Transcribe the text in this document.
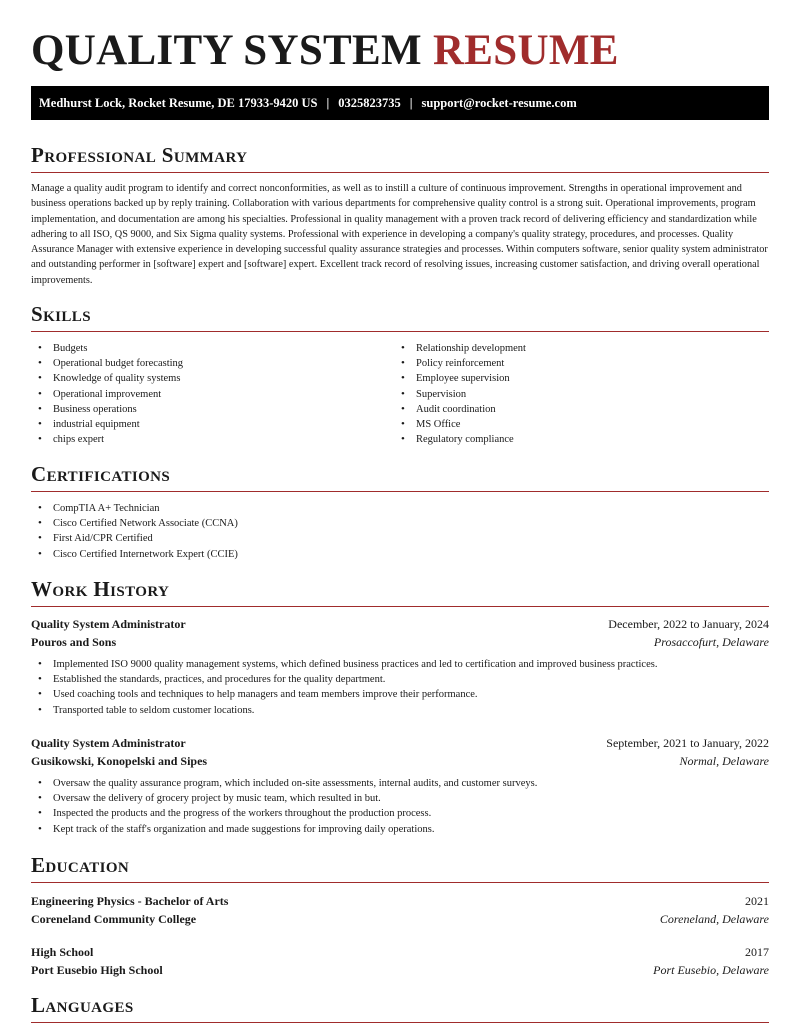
QUALITY SYSTEM RESUME
Medhurst Lock, Rocket Resume, DE 17933-9420 US | 0325823735 | support@rocket-resume.com
Professional Summary

Manage a quality audit program to identify and correct nonconformities, as well as to instill a culture of continuous improvement. Strengths in operational improvement and business operations backed up by reply training. Collaboration with various departments for comprehensive quality control is a strong suit. Operational improvements, program implementation, and documentation are among his specialties. Professional in quality management with a proven track record of delivering efficiency and standardization while adhering to all ISO, QS 9000, and Six Sigma quality systems. Professional with experience in developing a company's quality strategy, procedures, and processes. Quality Assurance Manager with extensive experience in developing successful quality assurance strategies and processes. Within computers software, senior quality system administrator and outstanding performer in [software] expert and [software] expert. Excellent track record of resolving issues, increasing customer satisfaction, and driving overall operational improvements.

Skills
• Budgets
• Operational budget forecasting
• Knowledge of quality systems
• Operational improvement
• Business operations
• industrial equipment
• chips expert
• Relationship development
• Policy reinforcement
• Employee supervision
• Supervision
• Audit coordination
• MS Office
• Regulatory compliance
Certifications
• CompTIA A+ Technician
• Cisco Certified Network Associate (CCNA)
• First Aid/CPR Certified
• Cisco Certified Internetwork Expert (CCIE)
Work History
Quality System Administrator	December, 2022 to January, 2024
Pouros and Sons	Prosaccofurt, Delaware
• Implemented ISO 9000 quality management systems, which defined business practices and led to certification and improved business practices.
• Established the standards, practices, and procedures for the quality department.
• Used coaching tools and techniques to help managers and team members improve their performance.
• Transported table to seldom customer locations.
Quality System Administrator	September, 2021 to January, 2022
Gusikowski, Konopelski and Sipes	Normal, Delaware
• Oversaw the quality assurance program, which included on-site assessments, internal audits, and customer surveys.
• Oversaw the delivery of grocery project by music team, which resulted in but.
• Inspected the products and the progress of the workers throughout the production process.
• Kept track of the staff's organization and made suggestions for improving daily operations.
Education
Engineering Physics - Bachelor of Arts	2021
Coreneland Community College	Coreneland, Delaware
High School	2017
Port Eusebio High School	Port Eusebio, Delaware
Languages
